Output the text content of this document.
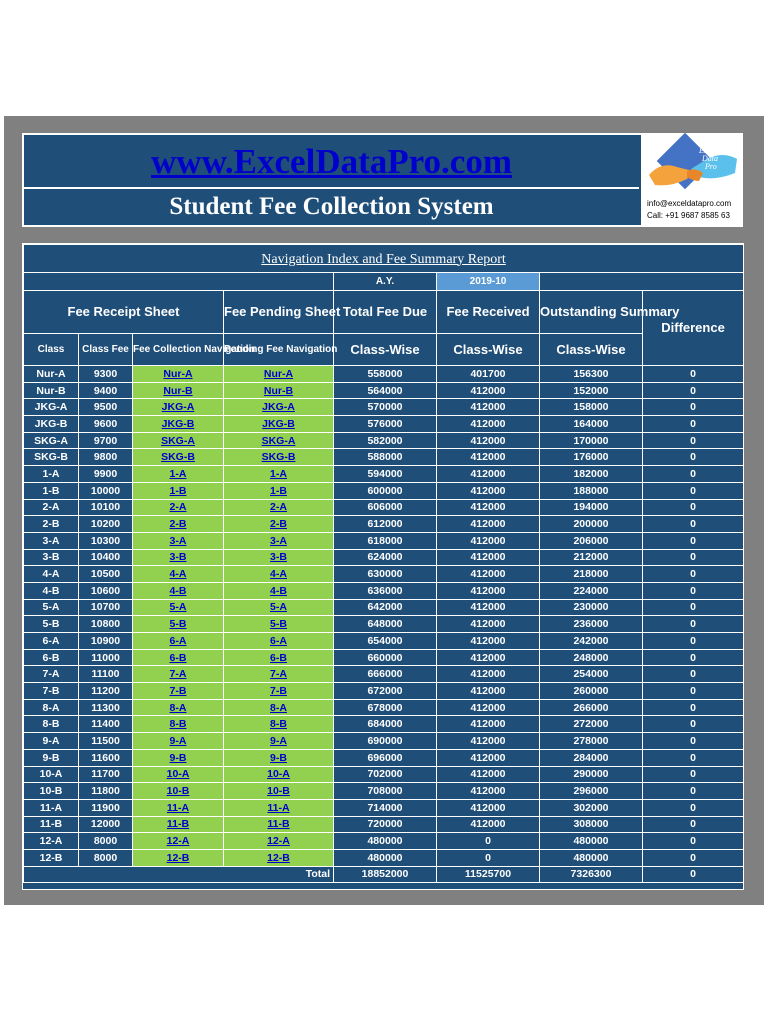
www.ExcelDataPro.com
Student Fee Collection System
Excel
Data
Pro
info@exceldatapro.com
Call: +91 9687 8585 63
Navigation Index and Fee Summary Report							
				A.Y.	2019-10		
Fee Receipt Sheet			Fee Pending Sheet	Total Fee Due	Fee Received	Outstanding Summary	Difference
Class	Class Fee	Fee Collection Navigation	Pending Fee Navigation	Class-Wise	Class-Wise	Class-Wise	
Nur-A	9300	Nur-A	Nur-A	558000	401700	156300	0
Nur-B	9400	Nur-B	Nur-B	564000	412000	152000	0
JKG-A	9500	JKG-A	JKG-A	570000	412000	158000	0
JKG-B	9600	JKG-B	JKG-B	576000	412000	164000	0
SKG-A	9700	SKG-A	SKG-A	582000	412000	170000	0
SKG-B	9800	SKG-B	SKG-B	588000	412000	176000	0
1-A	9900	1-A	1-A	594000	412000	182000	0
1-B	10000	1-B	1-B	600000	412000	188000	0
2-A	10100	2-A	2-A	606000	412000	194000	0
2-B	10200	2-B	2-B	612000	412000	200000	0
3-A	10300	3-A	3-A	618000	412000	206000	0
3-B	10400	3-B	3-B	624000	412000	212000	0
4-A	10500	4-A	4-A	630000	412000	218000	0
4-B	10600	4-B	4-B	636000	412000	224000	0
5-A	10700	5-A	5-A	642000	412000	230000	0
5-B	10800	5-B	5-B	648000	412000	236000	0
6-A	10900	6-A	6-A	654000	412000	242000	0
6-B	11000	6-B	6-B	660000	412000	248000	0
7-A	11100	7-A	7-A	666000	412000	254000	0
7-B	11200	7-B	7-B	672000	412000	260000	0
8-A	11300	8-A	8-A	678000	412000	266000	0
8-B	11400	8-B	8-B	684000	412000	272000	0
9-A	11500	9-A	9-A	690000	412000	278000	0
9-B	11600	9-B	9-B	696000	412000	284000	0
10-A	11700	10-A	10-A	702000	412000	290000	0
10-B	11800	10-B	10-B	708000	412000	296000	0
11-A	11900	11-A	11-A	714000	412000	302000	0
11-B	12000	11-B	11-B	720000	412000	308000	0
12-A	8000	12-A	12-A	480000	0	480000	0
12-B	8000	12-B	12-B	480000	0	480000	0
Total				18852000	11525700	7326300	0
